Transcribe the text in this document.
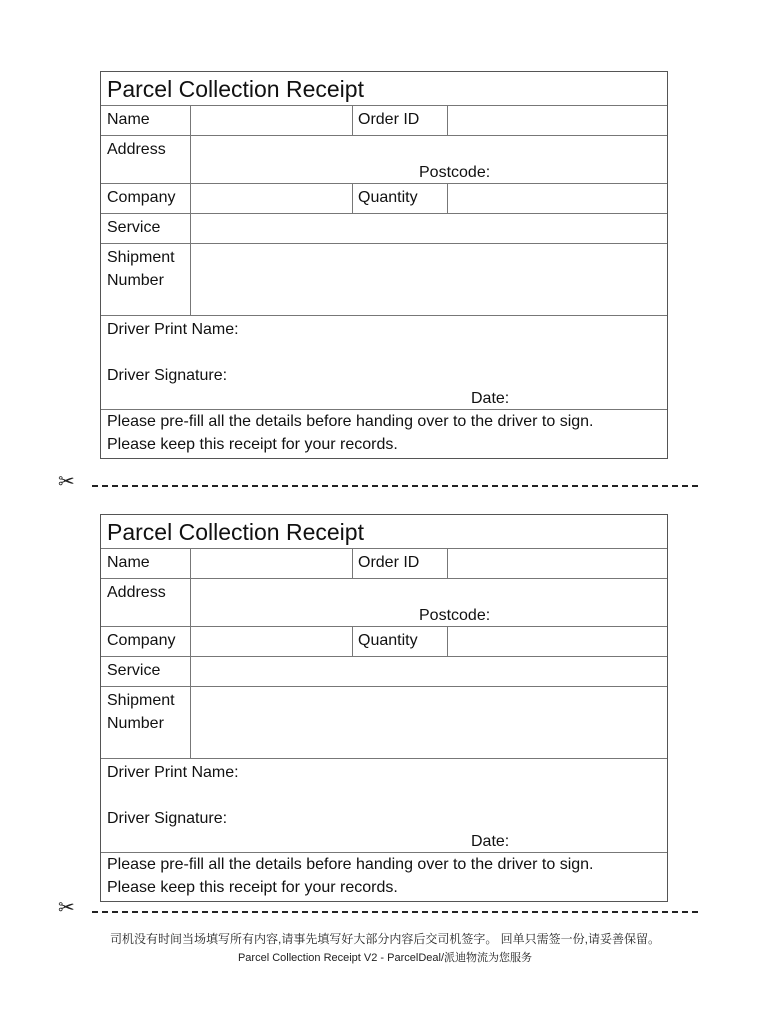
Parcel Collection Receipt
Name	Order ID
Address
Postcode:
Company	Quantity
Service
Shipment
Number
Driver Print Name:
Driver Signature:
Date:
Please pre-fill all the details before handing over to the driver to sign.
Please keep this receipt for your records.
✂
Parcel Collection Receipt
Name	Order ID
Address
Postcode:
Company	Quantity
Service
Shipment
Number
Driver Print Name:
Driver Signature:
Date:
Please pre-fill all the details before handing over to the driver to sign.
Please keep this receipt for your records.
✂
司机没有时间当场填写所有内容,请事先填写好大部分内容后交司机签字。 回单只需签一份,请妥善保留。
Parcel Collection Receipt V2 - ParcelDeal/派迪物流为您服务
